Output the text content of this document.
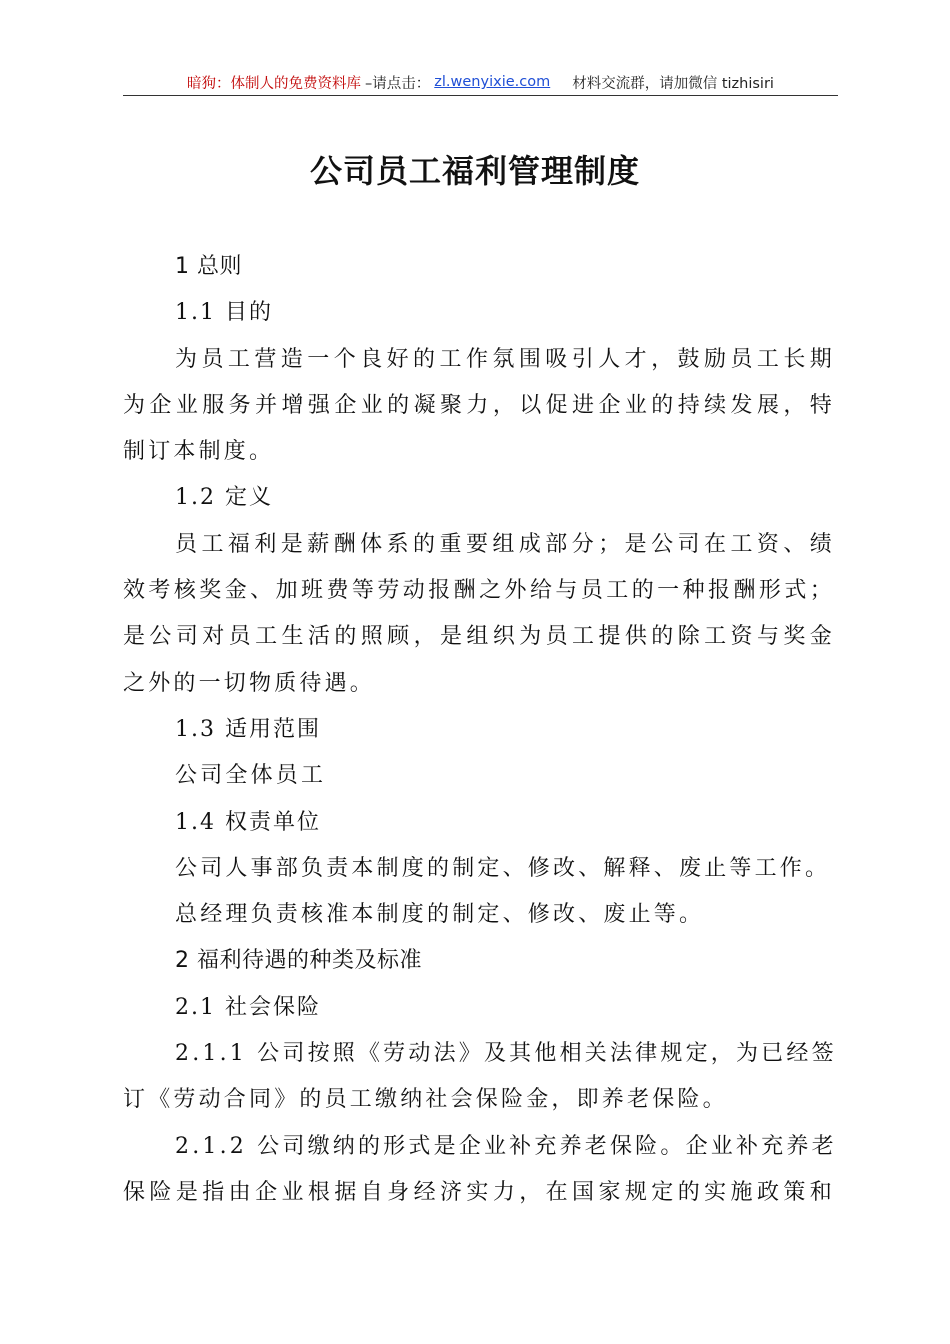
暗狗：体制人的免费资料库 –请点击： zl.wenyixie.com 材料交流群，请加微信 tizhisiri
公司员工福利管理制度
1 总则
1.1 目的
为员工营造一个良好的工作氛围吸引人才，鼓励员工长期
为企业服务并增强企业的凝聚力，以促进企业的持续发展，特
制订本制度。
1.2 定义
员工福利是薪酬体系的重要组成部分；是公司在工资、绩
效考核奖金、加班费等劳动报酬之外给与员工的一种报酬形式；
是公司对员工生活的照顾，是组织为员工提供的除工资与奖金
之外的一切物质待遇。
1.3 适用范围
公司全体员工
1.4 权责单位
公司人事部负责本制度的制定、修改、解释、废止等工作。
总经理负责核准本制度的制定、修改、废止等。
2 福利待遇的种类及标准
2.1 社会保险
2.1.1 公司按照《劳动法》及其他相关法律规定，为已经签
订《劳动合同》的员工缴纳社会保险金，即养老保险。
2.1.2 公司缴纳的形式是企业补充养老保险。企业补充养老
保险是指由企业根据自身经济实力，在国家规定的实施政策和
